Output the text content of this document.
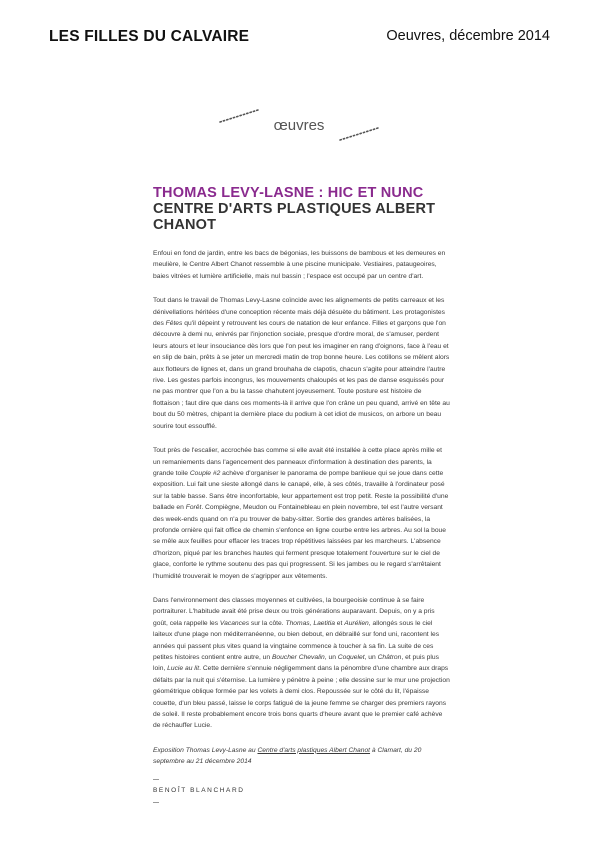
LES FILLES DU CALVAIRE	Oeuvres, décembre 2014
œuvres
THOMAS LEVY-LASNE : HIC ET NUNC
CENTRE D'ARTS PLASTIQUES ALBERT CHANOT

Enfoui en fond de jardin, entre les bacs de bégonias, les buissons de bambous et les demeures en meulière, le Centre Albert Chanot ressemble à une piscine municipale. Vestiaires, pataugeoires, baies vitrées et lumière artificielle, mais nul bassin ; l'espace est occupé par un centre d'art.

Tout dans le travail de Thomas Levy-Lasne coïncide avec les alignements de petits carreaux et les dénivellations héritées d'une conception récente mais déjà désuète du bâtiment. Les protagonistes des Fêtes qu'il dépeint y retrouvent les cours de natation de leur enfance. Filles et garçons que l'on découvre à demi nu, enivrés par l'injonction sociale, presque d'ordre moral, de s'amuser, perdent leurs atours et leur insouciance dès lors que l'on peut les imaginer en rang d'oignons, face à l'eau et en slip de bain, prêts à se jeter un mercredi matin de trop bonne heure. Les cotillons se mêlent alors aux flotteurs de lignes et, dans un grand brouhaha de clapotis, chacun s'agite pour atteindre l'autre rive. Les gestes parfois incongrus, les mouvements chaloupés et les pas de danse esquissés pour ne pas montrer que l'on a bu la tasse chahutent joyeusement. Toute posture est histoire de flottaison ; faut dire que dans ces moments-là il arrive que l'on crâne un peu quand, arrivé en tête au bout du 50 mètres, chipant la dernière place du podium à cet idiot de musicos, on arbore un beau sourire tout essoufflé.

Tout près de l'escalier, accrochée bas comme si elle avait été installée à cette place après mille et un remaniements dans l'agencement des panneaux d'information à destination des parents, la grande toile Couple #2 achève d'organiser le panorama de pompe banlieue qui se joue dans cette exposition. Lui fait une sieste allongé dans le canapé, elle, à ses côtés, travaille à l'ordinateur posé sur la table basse. Sans être inconfortable, leur appartement est trop petit. Reste la possibilité d'une ballade en Forêt. Compiègne, Meudon ou Fontainebleau en plein novembre, tel est l'autre versant des week-ends quand on n'a pu trouver de baby-sitter. Sortie des grandes artères balisées, la profonde ornière qui fait office de chemin s'enfonce en ligne courbe entre les arbres. Au sol la boue se mêle aux feuilles pour effacer les traces trop répétitives laissées par les marcheurs. L'absence d'horizon, piqué par les branches hautes qui ferment presque totalement l'ouverture sur le ciel de glace, conforte le rythme soutenu des pas qui progressent. Si les jambes ou le regard s'arrêtaient l'humidité trouverait le moyen de s'agripper aux vêtements.

Dans l'environnement des classes moyennes et cultivées, la bourgeoisie continue à se faire portraiturer. L'habitude avait été prise deux ou trois générations auparavant. Depuis, on y a pris goût, cela rappelle les Vacances sur la côte. Thomas, Laetitia et Aurélien, allongés sous le ciel laiteux d'une plage non méditerranéenne, ou bien debout, en débraillé sur fond uni, racontent les années qui passent plus vites quand la vingtaine commence à toucher à sa fin. La suite de ces petites histoires contient entre autre, un Boucher Chevalin, un Coquelet, un Châtron, et puis plus loin, Lucie au lit. Cette dernière s'ennuie négligemment dans la pénombre d'une chambre aux draps défaits par la nuit qui s'éternise. La lumière y pénètre à peine ; elle dessine sur le mur une projection géométrique oblique formée par les volets à demi clos. Repoussée sur le côté du lit, l'épaisse couette, d'un bleu passé, laisse le corps fatigué de la jeune femme se charger des premiers rayons de soleil. Il reste probablement encore trois bons quarts d'heure avant que le premier café achève de réchauffer Lucie.

Exposition Thomas Levy-Lasne au Centre d'arts plastiques Albert Chanot à Clamart, du 20 septembre au 21 décembre 2014

BENOÎT BLANCHARD
